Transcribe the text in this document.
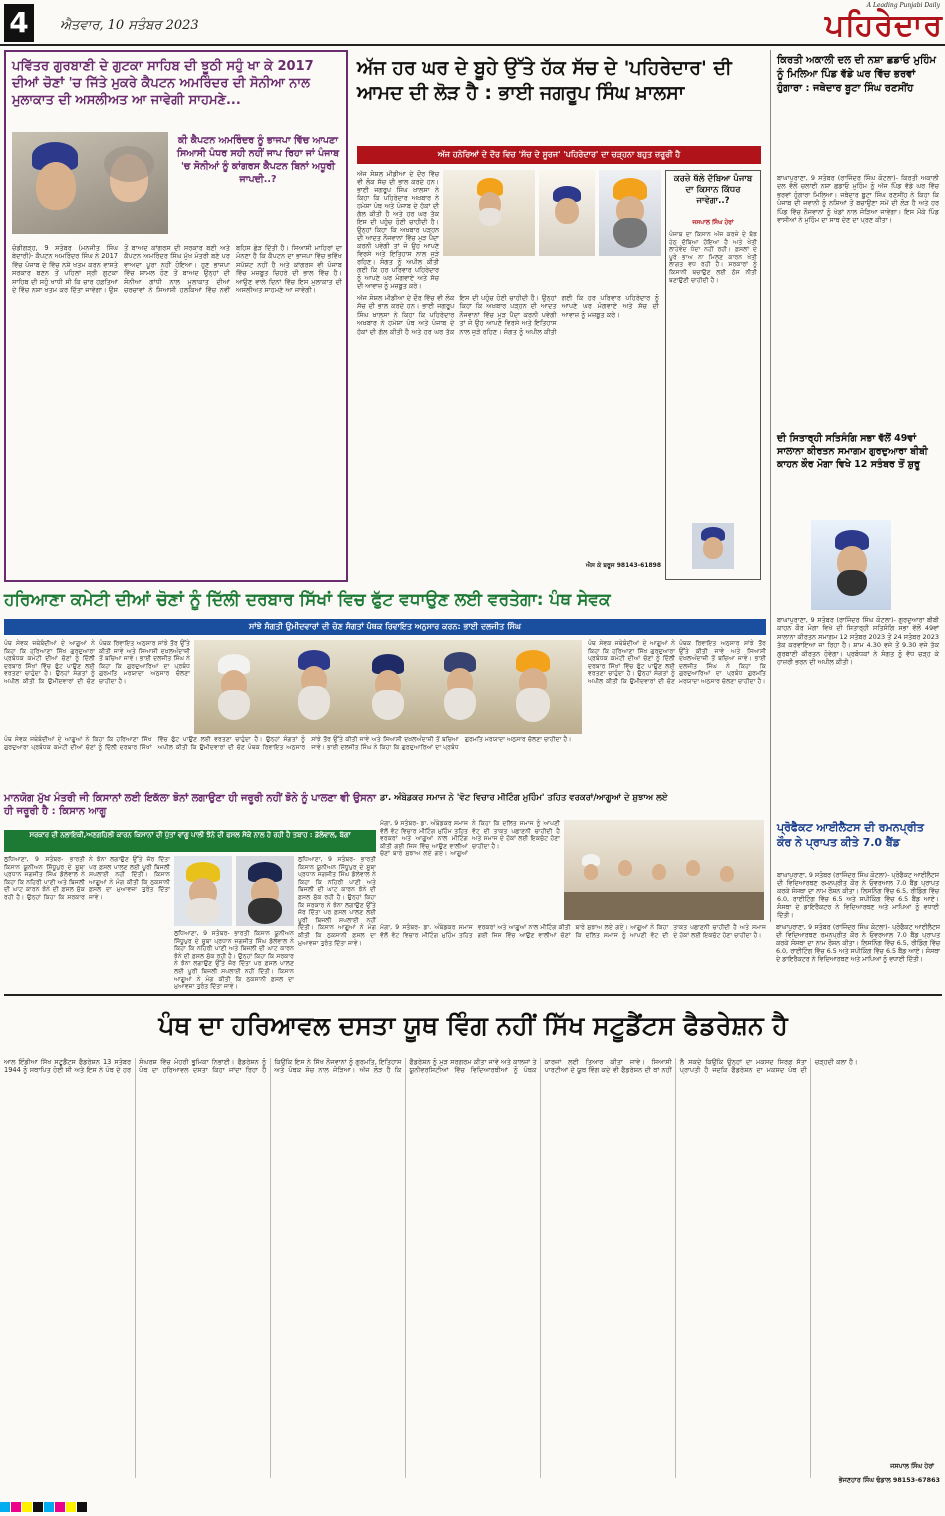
4	ਐਤਵਾਰ, 10 ਸਤੰਬਰ 2023
A Leading Punjabi Daily
ਪਹਿਰੇਦਾਰ
ਪਵਿੱਤਰ ਗੁਰਬਾਣੀ ਦੇ ਗੁਟਕਾ ਸਾਹਿਬ ਦੀ ਝੂਠੀ ਸਹੁੰ ਖਾ ਕੇ 2017 ਦੀਆਂ ਚੋਣਾਂ 'ਚ ਜਿੱਤੇ ਮੁਕਰੇ ਕੈਪਟਨ ਅਮਰਿੰਦਰ ਦੀ ਸੋਨੀਆ ਨਾਲ ਮੁਲਾਕਾਤ ਦੀ ਅਸਲੀਅਤ ਆ ਜਾਵੇਗੀ ਸਾਹਮਣੇ...
ਕੀ ਕੈਪਟਨ ਅਮਰਿੰਦਰ ਨੂੰ ਭਾਜਪਾ ਵਿੱਚ ਆਪਣਾ ਸਿਆਸੀ ਪੰਧਰ ਸਹੀ ਨਹੀਂ ਜਾਪ ਰਿਹਾ ਜਾਂ ਪੰਜਾਬ 'ਚ ਸੋਨੀਆਂ ਨੂੰ ਕਾਂਗਰਸ ਕੈਪਟਨ ਬਿਨਾਂ ਅਧੂਰੀ ਜਾਪਦੀ..?
ਚੰਡੀਗੜ੍ਹ, 9 ਸਤੰਬਰ (ਮਨਜੀਤ ਸਿੰਘ ਬੇਦਾਰੀ)- ਕੈਪਟਨ ਅਮਰਿੰਦਰ ਸਿੰਘ ਨੇ 2017 ਵਿੱਚ ਪੰਜਾਬ ਦੇ ਵਿੱਚ ਨਸ਼ੇ ਖਤਮ ਕਰਨ ਵਾਸਤੇ ਸਰਕਾਰ ਬਣਨ ਤੋਂ ਪਹਿਲਾਂ ਸ੍ਰੀ ਗੁਟਕਾ ਸਾਹਿਬ ਦੀ ਸਹੁੰ ਖਾਧੀ ਸੀ ਕਿ ਚਾਰ ਹਫ਼ਤਿਆਂ ਦੇ ਵਿੱਚ ਨਸ਼ਾ ਖਤਮ ਕਰ ਦਿੱਤਾ ਜਾਵੇਗਾ। ਉਸ ਤੋਂ ਬਾਅਦ ਕਾਂਗਰਸ ਦੀ ਸਰਕਾਰ ਬਣੀ ਅਤੇ ਕੈਪਟਨ ਅਮਰਿੰਦਰ ਸਿੰਘ ਮੁੱਖ ਮੰਤਰੀ ਬਣੇ ਪਰ ਵਾਅਦਾ ਪੂਰਾ ਨਹੀਂ ਹੋਇਆ। ਹੁਣ ਭਾਜਪਾ ਵਿੱਚ ਸ਼ਾਮਲ ਹੋਣ ਤੋਂ ਬਾਅਦ ਉਨ੍ਹਾਂ ਦੀ ਸੋਨੀਆ ਗਾਂਧੀ ਨਾਲ ਮੁਲਾਕਾਤ ਦੀਆਂ ਚਰਚਾਵਾਂ ਨੇ ਸਿਆਸੀ ਹਲਕਿਆਂ ਵਿੱਚ ਨਵੀਂ ਬਹਿਸ ਛੇੜ ਦਿੱਤੀ ਹੈ। ਸਿਆਸੀ ਮਾਹਿਰਾਂ ਦਾ ਮੰਨਣਾ ਹੈ ਕਿ ਕੈਪਟਨ ਦਾ ਭਾਜਪਾ ਵਿੱਚ ਭਵਿੱਖ ਸਪੱਸ਼ਟ ਨਹੀਂ ਹੈ ਅਤੇ ਕਾਂਗਰਸ ਵੀ ਪੰਜਾਬ ਵਿੱਚ ਮਜ਼ਬੂਤ ਚਿਹਰੇ ਦੀ ਭਾਲ ਵਿੱਚ ਹੈ। ਆਉਣ ਵਾਲੇ ਦਿਨਾਂ ਵਿੱਚ ਇਸ ਮੁਲਾਕਾਤ ਦੀ ਅਸਲੀਅਤ ਸਾਹਮਣੇ ਆ ਜਾਵੇਗੀ।
ਅੱਜ ਹਰ ਘਰ ਦੇ ਬੂਹੇ ਉੱਤੇ ਹੱਕ ਸੱਚ ਦੇ 'ਪਹਿਰੇਦਾਰ' ਦੀ ਆਮਦ ਦੀ ਲੋੜ ਹੈ : ਭਾਈ ਜਗਰੂਪ ਸਿੰਘ ਖ਼ਾਲਸਾ
ਅੱਜ ਹਨੇਰਿਆਂ ਦੇ ਦੌਰ ਵਿਚ 'ਸੱਚ ਦੇ ਸੂਰਜ' 'ਪਹਿਰੇਦਾਰ' ਦਾ ਚੜ੍ਹਨਾ ਬਹੁਤ ਜ਼ਰੂਰੀ ਹੈ
ਅੱਜ ਸੋਸ਼ਲ ਮੀਡੀਆ ਦੇ ਦੌਰ ਵਿੱਚ ਵੀ ਲੋਕ ਸੱਚ ਦੀ ਭਾਲ ਕਰਦੇ ਹਨ। ਭਾਈ ਜਗਰੂਪ ਸਿੰਘ ਖ਼ਾਲਸਾ ਨੇ ਕਿਹਾ ਕਿ ਪਹਿਰੇਦਾਰ ਅਖ਼ਬਾਰ ਨੇ ਹਮੇਸ਼ਾ ਪੰਥ ਅਤੇ ਪੰਜਾਬ ਦੇ ਹੱਕਾਂ ਦੀ ਗੱਲ ਕੀਤੀ ਹੈ ਅਤੇ ਹਰ ਘਰ ਤੱਕ ਇਸ ਦੀ ਪਹੁੰਚ ਹੋਣੀ ਚਾਹੀਦੀ ਹੈ। ਉਨ੍ਹਾਂ ਕਿਹਾ ਕਿ ਅਖ਼ਬਾਰ ਪੜ੍ਹਨ ਦੀ ਆਦਤ ਨੌਜਵਾਨਾਂ ਵਿੱਚ ਮੁੜ ਪੈਦਾ ਕਰਨੀ ਪਵੇਗੀ ਤਾਂ ਜੋ ਉਹ ਆਪਣੇ ਵਿਰਸੇ ਅਤੇ ਇਤਿਹਾਸ ਨਾਲ ਜੁੜੇ ਰਹਿਣ। ਸੰਗਤ ਨੂੰ ਅਪੀਲ ਕੀਤੀ ਗਈ ਕਿ ਹਰ ਪਰਿਵਾਰ ਪਹਿਰੇਦਾਰ ਨੂੰ ਆਪਣੇ ਘਰ ਮੰਗਵਾਏ ਅਤੇ ਸੱਚ ਦੀ ਆਵਾਜ਼ ਨੂੰ ਮਜ਼ਬੂਤ ਕਰੇ।
ਕਰਜ਼ੇ ਥੱਲੇ ਦੱਬਿਆ ਪੰਜਾਬ ਦਾ ਕਿਸਾਨ ਕਿੱਧਰ ਜਾਵੇਗਾ..?
ਜਸਪਾਲ ਸਿੰਘ ਹੇਰਾਂ
ਪੰਜਾਬ ਦਾ ਕਿਸਾਨ ਅੱਜ ਕਰਜ਼ੇ ਦੇ ਬੋਝ ਹੇਠ ਦੱਬਿਆ ਹੋਇਆ ਹੈ ਅਤੇ ਖੇਤੀ ਲਾਹੇਵੰਦ ਧੰਦਾ ਨਹੀਂ ਰਹੀ। ਫ਼ਸਲਾਂ ਦੇ ਪੂਰੇ ਭਾਅ ਨਾ ਮਿਲਣ ਕਾਰਨ ਖੇਤੀ ਲਾਗਤ ਵਧ ਰਹੀ ਹੈ। ਸਰਕਾਰਾਂ ਨੂੰ ਕਿਸਾਨੀ ਬਚਾਉਣ ਲਈ ਠੋਸ ਨੀਤੀ ਬਣਾਉਣੀ ਚਾਹੀਦੀ ਹੈ।
ਅੱਜ ਸੋਸ਼ਲ ਮੀਡੀਆ ਦੇ ਦੌਰ ਵਿੱਚ ਵੀ ਲੋਕ ਸੱਚ ਦੀ ਭਾਲ ਕਰਦੇ ਹਨ। ਭਾਈ ਜਗਰੂਪ ਸਿੰਘ ਖ਼ਾਲਸਾ ਨੇ ਕਿਹਾ ਕਿ ਪਹਿਰੇਦਾਰ ਅਖ਼ਬਾਰ ਨੇ ਹਮੇਸ਼ਾ ਪੰਥ ਅਤੇ ਪੰਜਾਬ ਦੇ ਹੱਕਾਂ ਦੀ ਗੱਲ ਕੀਤੀ ਹੈ ਅਤੇ ਹਰ ਘਰ ਤੱਕ ਇਸ ਦੀ ਪਹੁੰਚ ਹੋਣੀ ਚਾਹੀਦੀ ਹੈ। ਉਨ੍ਹਾਂ ਕਿਹਾ ਕਿ ਅਖ਼ਬਾਰ ਪੜ੍ਹਨ ਦੀ ਆਦਤ ਨੌਜਵਾਨਾਂ ਵਿੱਚ ਮੁੜ ਪੈਦਾ ਕਰਨੀ ਪਵੇਗੀ ਤਾਂ ਜੋ ਉਹ ਆਪਣੇ ਵਿਰਸੇ ਅਤੇ ਇਤਿਹਾਸ ਨਾਲ ਜੁੜੇ ਰਹਿਣ। ਸੰਗਤ ਨੂੰ ਅਪੀਲ ਕੀਤੀ ਗਈ ਕਿ ਹਰ ਪਰਿਵਾਰ ਪਹਿਰੇਦਾਰ ਨੂੰ ਆਪਣੇ ਘਰ ਮੰਗਵਾਏ ਅਤੇ ਸੱਚ ਦੀ ਆਵਾਜ਼ ਨੂੰ ਮਜ਼ਬੂਤ ਕਰੇ।
ਐਸ ਕੇ ਬਰੂਜ 98143-61898
ਕਿਰਤੀ ਅਕਾਲੀ ਦਲ ਦੀ ਨਸ਼ਾ ਛਡਾਓ ਮੁਹਿੰਮ ਨੂੰ ਮਿਲਿਆ ਪਿੰਡ ਵੱਡੇ ਘਰ ਵਿੱਚ ਭਰਵਾਂ ਹੁੰਗਾਰਾ : ਜਥੇਦਾਰ ਬੂਟਾ ਸਿੰਘ ਰਣਸੀਂਹ
ਬਾਘਾਪੁਰਾਣਾ, 9 ਸਤੰਬਰ (ਰਾਜਿੰਦਰ ਸਿੰਘ ਕੋਟਲਾ)- ਕਿਰਤੀ ਅਕਾਲੀ ਦਲ ਵੱਲੋਂ ਚਲਾਈ ਨਸ਼ਾ ਛਡਾਓ ਮੁਹਿੰਮ ਨੂੰ ਅੱਜ ਪਿੰਡ ਵੱਡੇ ਘਰ ਵਿੱਚ ਭਰਵਾਂ ਹੁੰਗਾਰਾ ਮਿਲਿਆ। ਜਥੇਦਾਰ ਬੂਟਾ ਸਿੰਘ ਰਣਸੀਂਹ ਨੇ ਕਿਹਾ ਕਿ ਪੰਜਾਬ ਦੀ ਜਵਾਨੀ ਨੂੰ ਨਸ਼ਿਆਂ ਤੋਂ ਬਚਾਉਣਾ ਸਮੇਂ ਦੀ ਲੋੜ ਹੈ ਅਤੇ ਹਰ ਪਿੰਡ ਵਿੱਚ ਨੌਜਵਾਨਾਂ ਨੂੰ ਖੇਡਾਂ ਨਾਲ ਜੋੜਿਆ ਜਾਵੇਗਾ। ਇਸ ਮੌਕੇ ਪਿੰਡ ਵਾਸੀਆਂ ਨੇ ਮੁਹਿੰਮ ਦਾ ਸਾਥ ਦੇਣ ਦਾ ਪ੍ਰਣ ਕੀਤਾ।
ਦੀ ਸਿਤਾਰ੍ਹੀ ਸਤਿਸੰਗਿ ਸਭਾ ਵੱਲੋਂ 49ਵਾਂ ਸਾਲਾਨਾ ਕੀਰਤਨ ਸਮਾਗਮ ਗੁਰਦੁਆਰਾ ਬੀਬੀ ਕਾਹਨ ਕੌਰ ਮੋਗਾ ਵਿਖੇ 12 ਸਤੰਬਰ ਤੋਂ ਸ਼ੁਰੂ
ਬਾਘਾਪੁਰਾਣਾ, 9 ਸਤੰਬਰ (ਰਾਜਿੰਦਰ ਸਿੰਘ ਕੋਟਲਾ)- ਗੁਰਦੁਆਰਾ ਬੀਬੀ ਕਾਹਨ ਕੌਰ ਮੋਗਾ ਵਿਖੇ ਦੀ ਸਿਤਾਰ੍ਹੀ ਸਤਿਸੰਗਿ ਸਭਾ ਵੱਲੋਂ 49ਵਾਂ ਸਾਲਾਨਾ ਕੀਰਤਨ ਸਮਾਗਮ 12 ਸਤੰਬਰ 2023 ਤੋਂ 24 ਸਤੰਬਰ 2023 ਤੱਕ ਕਰਵਾਇਆ ਜਾ ਰਿਹਾ ਹੈ। ਸ਼ਾਮ 4.30 ਵਜੇ ਤੋਂ 9.30 ਵਜੇ ਤੱਕ ਗੁਰਬਾਣੀ ਕੀਰਤਨ ਹੋਵੇਗਾ। ਪ੍ਰਬੰਧਕਾਂ ਨੇ ਸੰਗਤ ਨੂੰ ਵੱਧ ਚੜ੍ਹ ਕੇ ਹਾਜ਼ਰੀ ਭਰਨ ਦੀ ਅਪੀਲ ਕੀਤੀ।
ਪ੍ਰੋਫੈਕਟ ਆਈਲੈਟਸ ਦੀ ਰਮਨਪ੍ਰੀਤ ਕੌਰ ਨੇ ਪ੍ਰਾਪਤ ਕੀਤੇ 7.0 ਬੈਂਡ
ਬਾਘਾਪੁਰਾਣਾ, 9 ਸਤੰਬਰ (ਰਾਜਿੰਦਰ ਸਿੰਘ ਕੋਟਲਾ)- ਪ੍ਰੋਫੈਕਟ ਆਈਲੈਟਸ ਦੀ ਵਿਦਿਆਰਥਣ ਰਮਨਪ੍ਰੀਤ ਕੌਰ ਨੇ ਓਵਰਆਲ 7.0 ਬੈਂਡ ਪ੍ਰਾਪਤ ਕਰਕੇ ਸੰਸਥਾ ਦਾ ਨਾਮ ਰੌਸ਼ਨ ਕੀਤਾ। ਲਿਸਨਿੰਗ ਵਿੱਚ 6.5, ਰੀਡਿੰਗ ਵਿੱਚ 6.0, ਰਾਈਟਿੰਗ ਵਿੱਚ 6.5 ਅਤੇ ਸਪੀਕਿੰਗ ਵਿੱਚ 6.5 ਬੈਂਡ ਆਏ। ਸੰਸਥਾ ਦੇ ਡਾਇਰੈਕਟਰ ਨੇ ਵਿਦਿਆਰਥਣ ਅਤੇ ਮਾਪਿਆਂ ਨੂੰ ਵਧਾਈ ਦਿੱਤੀ।
ਹਰਿਆਣਾ ਕਮੇਟੀ ਦੀਆਂ ਚੋਣਾਂ ਨੂੰ ਦਿੱਲੀ ਦਰਬਾਰ ਸਿੱਖਾਂ ਵਿਚ ਫੁੱਟ ਵਧਾਉਣ ਲਈ ਵਰਤੇਗਾ: ਪੰਥ ਸੇਵਕ
ਸਾਂਝੇ ਸੰਗਤੀ ਉਮੀਦਵਾਰਾਂ ਦੀ ਚੋਣ ਸੰਗਤਾਂ ਪੰਥਕ ਰਿਵਾਇਤ ਅਨੁਸਾਰ ਕਰਨ: ਭਾਈ ਦਲਜੀਤ ਸਿੰਘ
ਪੰਥ ਸੇਵਕ ਜਥੇਬੰਦੀਆਂ ਦੇ ਆਗੂਆਂ ਨੇ ਕਿਹਾ ਕਿ ਹਰਿਆਣਾ ਸਿੱਖ ਗੁਰਦੁਆਰਾ ਪ੍ਰਬੰਧਕ ਕਮੇਟੀ ਦੀਆਂ ਚੋਣਾਂ ਨੂੰ ਦਿੱਲੀ ਦਰਬਾਰ ਸਿੱਖਾਂ ਵਿੱਚ ਫੁੱਟ ਪਾਉਣ ਲਈ ਵਰਤਣਾ ਚਾਹੁੰਦਾ ਹੈ। ਉਨ੍ਹਾਂ ਸੰਗਤਾਂ ਨੂੰ ਅਪੀਲ ਕੀਤੀ ਕਿ ਉਮੀਦਵਾਰਾਂ ਦੀ ਚੋਣ ਪੰਥਕ ਰਿਵਾਇਤ ਅਨੁਸਾਰ ਸਾਂਝੇ ਤੌਰ ਉੱਤੇ ਕੀਤੀ ਜਾਵੇ ਅਤੇ ਸਿਆਸੀ ਦਖ਼ਲਅੰਦਾਜ਼ੀ ਤੋਂ ਬਚਿਆ ਜਾਵੇ। ਭਾਈ ਦਲਜੀਤ ਸਿੰਘ ਨੇ ਕਿਹਾ ਕਿ ਗੁਰਦੁਆਰਿਆਂ ਦਾ ਪ੍ਰਬੰਧ ਗੁਰਮਤਿ ਮਰਯਾਦਾ ਅਨੁਸਾਰ ਚੱਲਣਾ ਚਾਹੀਦਾ ਹੈ।
ਪੰਥ ਸੇਵਕ ਜਥੇਬੰਦੀਆਂ ਦੇ ਆਗੂਆਂ ਨੇ ਕਿਹਾ ਕਿ ਹਰਿਆਣਾ ਸਿੱਖ ਗੁਰਦੁਆਰਾ ਪ੍ਰਬੰਧਕ ਕਮੇਟੀ ਦੀਆਂ ਚੋਣਾਂ ਨੂੰ ਦਿੱਲੀ ਦਰਬਾਰ ਸਿੱਖਾਂ ਵਿੱਚ ਫੁੱਟ ਪਾਉਣ ਲਈ ਵਰਤਣਾ ਚਾਹੁੰਦਾ ਹੈ। ਉਨ੍ਹਾਂ ਸੰਗਤਾਂ ਨੂੰ ਅਪੀਲ ਕੀਤੀ ਕਿ ਉਮੀਦਵਾਰਾਂ ਦੀ ਚੋਣ ਪੰਥਕ ਰਿਵਾਇਤ ਅਨੁਸਾਰ ਸਾਂਝੇ ਤੌਰ ਉੱਤੇ ਕੀਤੀ ਜਾਵੇ ਅਤੇ ਸਿਆਸੀ ਦਖ਼ਲਅੰਦਾਜ਼ੀ ਤੋਂ ਬਚਿਆ ਜਾਵੇ। ਭਾਈ ਦਲਜੀਤ ਸਿੰਘ ਨੇ ਕਿਹਾ ਕਿ ਗੁਰਦੁਆਰਿਆਂ ਦਾ ਪ੍ਰਬੰਧ ਗੁਰਮਤਿ ਮਰਯਾਦਾ ਅਨੁਸਾਰ ਚੱਲਣਾ ਚਾਹੀਦਾ ਹੈ।
ਪੰਥ ਸੇਵਕ ਜਥੇਬੰਦੀਆਂ ਦੇ ਆਗੂਆਂ ਨੇ ਕਿਹਾ ਕਿ ਹਰਿਆਣਾ ਸਿੱਖ ਗੁਰਦੁਆਰਾ ਪ੍ਰਬੰਧਕ ਕਮੇਟੀ ਦੀਆਂ ਚੋਣਾਂ ਨੂੰ ਦਿੱਲੀ ਦਰਬਾਰ ਸਿੱਖਾਂ ਵਿੱਚ ਫੁੱਟ ਪਾਉਣ ਲਈ ਵਰਤਣਾ ਚਾਹੁੰਦਾ ਹੈ। ਉਨ੍ਹਾਂ ਸੰਗਤਾਂ ਨੂੰ ਅਪੀਲ ਕੀਤੀ ਕਿ ਉਮੀਦਵਾਰਾਂ ਦੀ ਚੋਣ ਪੰਥਕ ਰਿਵਾਇਤ ਅਨੁਸਾਰ ਸਾਂਝੇ ਤੌਰ ਉੱਤੇ ਕੀਤੀ ਜਾਵੇ ਅਤੇ ਸਿਆਸੀ ਦਖ਼ਲਅੰਦਾਜ਼ੀ ਤੋਂ ਬਚਿਆ ਜਾਵੇ। ਭਾਈ ਦਲਜੀਤ ਸਿੰਘ ਨੇ ਕਿਹਾ ਕਿ ਗੁਰਦੁਆਰਿਆਂ ਦਾ ਪ੍ਰਬੰਧ ਗੁਰਮਤਿ ਮਰਯਾਦਾ ਅਨੁਸਾਰ ਚੱਲਣਾ ਚਾਹੀਦਾ ਹੈ।
ਮਾਨਯੋਗ ਮੁੱਖ ਮੰਤਰੀ ਜੀ ਕਿਸਾਨਾਂ ਲਈ ਇਕੱਲਾ ਝੋਨਾਂ ਲਗਾਉਣਾ ਹੀ ਜਰੂਰੀ ਨਹੀਂ ਝੋਨੇ ਨੂੰ ਪਾਲਣਾ ਵੀ ਉਸਨਾ ਹੀ ਜਰੂਰੀ ਹੈ : ਕਿਸਾਨ ਆਗੂ
ਸਰਕਾਰ ਦੀ ਨਲਾਇਕੀ,ਅਣਗਹਿਲੀ ਕਾਰਨ ਕਿਸਾਨਾਂ ਦੀ ਪੁੱਤਾਂ ਵਾਂਗੂ ਪਾਲੀ ਝੋਨੇ ਦੀ ਫਸਲ ਸੋਕੇ ਨਾਲ ਹੋ ਰਹੀ ਹੈ ਤਬਾਹ : ਡੱਲੇਵਾਲ, ਬੱਗਾ
ਲੁਧਿਆਣਾ, 9 ਸਤੰਬਰ- ਭਾਰਤੀ ਕਿਸਾਨ ਯੂਨੀਅਨ ਸਿੱਧੂਪੁਰ ਦੇ ਸੂਬਾ ਪ੍ਰਧਾਨ ਜਗਜੀਤ ਸਿੰਘ ਡੱਲੇਵਾਲ ਨੇ ਕਿਹਾ ਕਿ ਨਹਿਰੀ ਪਾਣੀ ਅਤੇ ਬਿਜਲੀ ਦੀ ਘਾਟ ਕਾਰਨ ਝੋਨੇ ਦੀ ਫ਼ਸਲ ਸੁੱਕ ਰਹੀ ਹੈ। ਉਨ੍ਹਾਂ ਕਿਹਾ ਕਿ ਸਰਕਾਰ ਨੇ ਝੋਨਾ ਲਗਾਉਣ ਉੱਤੇ ਜ਼ੋਰ ਦਿੱਤਾ ਪਰ ਫ਼ਸਲ ਪਾਲਣ ਲਈ ਪੂਰੀ ਬਿਜਲੀ ਸਪਲਾਈ ਨਹੀਂ ਦਿੱਤੀ। ਕਿਸਾਨ ਆਗੂਆਂ ਨੇ ਮੰਗ ਕੀਤੀ ਕਿ ਨੁਕਸਾਨੀ ਫ਼ਸਲ ਦਾ ਮੁਆਵਜ਼ਾ ਤੁਰੰਤ ਦਿੱਤਾ ਜਾਵੇ।
ਲੁਧਿਆਣਾ, 9 ਸਤੰਬਰ- ਭਾਰਤੀ ਕਿਸਾਨ ਯੂਨੀਅਨ ਸਿੱਧੂਪੁਰ ਦੇ ਸੂਬਾ ਪ੍ਰਧਾਨ ਜਗਜੀਤ ਸਿੰਘ ਡੱਲੇਵਾਲ ਨੇ ਕਿਹਾ ਕਿ ਨਹਿਰੀ ਪਾਣੀ ਅਤੇ ਬਿਜਲੀ ਦੀ ਘਾਟ ਕਾਰਨ ਝੋਨੇ ਦੀ ਫ਼ਸਲ ਸੁੱਕ ਰਹੀ ਹੈ। ਉਨ੍ਹਾਂ ਕਿਹਾ ਕਿ ਸਰਕਾਰ ਨੇ ਝੋਨਾ ਲਗਾਉਣ ਉੱਤੇ ਜ਼ੋਰ ਦਿੱਤਾ ਪਰ ਫ਼ਸਲ ਪਾਲਣ ਲਈ ਪੂਰੀ ਬਿਜਲੀ ਸਪਲਾਈ ਨਹੀਂ ਦਿੱਤੀ। ਕਿਸਾਨ ਆਗੂਆਂ ਨੇ ਮੰਗ ਕੀਤੀ ਕਿ ਨੁਕਸਾਨੀ ਫ਼ਸਲ ਦਾ ਮੁਆਵਜ਼ਾ ਤੁਰੰਤ ਦਿੱਤਾ ਜਾਵੇ।
ਲੁਧਿਆਣਾ, 9 ਸਤੰਬਰ- ਭਾਰਤੀ ਕਿਸਾਨ ਯੂਨੀਅਨ ਸਿੱਧੂਪੁਰ ਦੇ ਸੂਬਾ ਪ੍ਰਧਾਨ ਜਗਜੀਤ ਸਿੰਘ ਡੱਲੇਵਾਲ ਨੇ ਕਿਹਾ ਕਿ ਨਹਿਰੀ ਪਾਣੀ ਅਤੇ ਬਿਜਲੀ ਦੀ ਘਾਟ ਕਾਰਨ ਝੋਨੇ ਦੀ ਫ਼ਸਲ ਸੁੱਕ ਰਹੀ ਹੈ। ਉਨ੍ਹਾਂ ਕਿਹਾ ਕਿ ਸਰਕਾਰ ਨੇ ਝੋਨਾ ਲਗਾਉਣ ਉੱਤੇ ਜ਼ੋਰ ਦਿੱਤਾ ਪਰ ਫ਼ਸਲ ਪਾਲਣ ਲਈ ਪੂਰੀ ਬਿਜਲੀ ਸਪਲਾਈ ਨਹੀਂ ਦਿੱਤੀ। ਕਿਸਾਨ ਆਗੂਆਂ ਨੇ ਮੰਗ ਕੀਤੀ ਕਿ ਨੁਕਸਾਨੀ ਫ਼ਸਲ ਦਾ ਮੁਆਵਜ਼ਾ ਤੁਰੰਤ ਦਿੱਤਾ ਜਾਵੇ।
ਡਾ. ਅੰਬੇਡਕਰ ਸਮਾਜ ਨੇ 'ਵੋਟ ਵਿਚਾਰ ਮੀਟਿੰਗ ਮੁਹਿੰਮ' ਤਹਿਤ ਵਰਕਰਾਂ/ਆਗੂਆਂ ਦੇ ਸ਼ੁਝਾਅ ਲਏ
ਮੋਗਾ, 9 ਸਤੰਬਰ- ਡਾ. ਅੰਬੇਡਕਰ ਸਮਾਜ ਵੱਲੋਂ ਵੋਟ ਵਿਚਾਰ ਮੀਟਿੰਗ ਮੁਹਿੰਮ ਤਹਿਤ ਵਰਕਰਾਂ ਅਤੇ ਆਗੂਆਂ ਨਾਲ ਮੀਟਿੰਗ ਕੀਤੀ ਗਈ ਜਿਸ ਵਿੱਚ ਆਉਣ ਵਾਲੀਆਂ ਚੋਣਾਂ ਬਾਰੇ ਸੁਝਾਅ ਲਏ ਗਏ। ਆਗੂਆਂ ਨੇ ਕਿਹਾ ਕਿ ਦਲਿਤ ਸਮਾਜ ਨੂੰ ਆਪਣੀ ਵੋਟ ਦੀ ਤਾਕਤ ਪਛਾਣਨੀ ਚਾਹੀਦੀ ਹੈ ਅਤੇ ਸਮਾਜ ਦੇ ਹੱਕਾਂ ਲਈ ਇਕਜੁੱਟ ਹੋਣਾ ਚਾਹੀਦਾ ਹੈ।
ਮੋਗਾ, 9 ਸਤੰਬਰ- ਡਾ. ਅੰਬੇਡਕਰ ਸਮਾਜ ਵੱਲੋਂ ਵੋਟ ਵਿਚਾਰ ਮੀਟਿੰਗ ਮੁਹਿੰਮ ਤਹਿਤ ਵਰਕਰਾਂ ਅਤੇ ਆਗੂਆਂ ਨਾਲ ਮੀਟਿੰਗ ਕੀਤੀ ਗਈ ਜਿਸ ਵਿੱਚ ਆਉਣ ਵਾਲੀਆਂ ਚੋਣਾਂ ਬਾਰੇ ਸੁਝਾਅ ਲਏ ਗਏ। ਆਗੂਆਂ ਨੇ ਕਿਹਾ ਕਿ ਦਲਿਤ ਸਮਾਜ ਨੂੰ ਆਪਣੀ ਵੋਟ ਦੀ ਤਾਕਤ ਪਛਾਣਨੀ ਚਾਹੀਦੀ ਹੈ ਅਤੇ ਸਮਾਜ ਦੇ ਹੱਕਾਂ ਲਈ ਇਕਜੁੱਟ ਹੋਣਾ ਚਾਹੀਦਾ ਹੈ।
ਬਾਘਾਪੁਰਾਣਾ, 9 ਸਤੰਬਰ (ਰਾਜਿੰਦਰ ਸਿੰਘ ਕੋਟਲਾ)- ਪ੍ਰੋਫੈਕਟ ਆਈਲੈਟਸ ਦੀ ਵਿਦਿਆਰਥਣ ਰਮਨਪ੍ਰੀਤ ਕੌਰ ਨੇ ਓਵਰਆਲ 7.0 ਬੈਂਡ ਪ੍ਰਾਪਤ ਕਰਕੇ ਸੰਸਥਾ ਦਾ ਨਾਮ ਰੌਸ਼ਨ ਕੀਤਾ। ਲਿਸਨਿੰਗ ਵਿੱਚ 6.5, ਰੀਡਿੰਗ ਵਿੱਚ 6.0, ਰਾਈਟਿੰਗ ਵਿੱਚ 6.5 ਅਤੇ ਸਪੀਕਿੰਗ ਵਿੱਚ 6.5 ਬੈਂਡ ਆਏ। ਸੰਸਥਾ ਦੇ ਡਾਇਰੈਕਟਰ ਨੇ ਵਿਦਿਆਰਥਣ ਅਤੇ ਮਾਪਿਆਂ ਨੂੰ ਵਧਾਈ ਦਿੱਤੀ।
ਪੰਥ ਦਾ ਹਰਿਆਵਲ ਦਸਤਾ ਯੂਥ ਵਿੰਗ ਨਹੀਂ ਸਿੱਖ ਸਟੂਡੈਂਟਸ ਫੈਡਰੇਸ਼ਨ ਹੈ
ਆਲ ਇੰਡੀਆ ਸਿੱਖ ਸਟੂਡੈਂਟਸ ਫੈਡਰੇਸ਼ਨ 13 ਸਤੰਬਰ 1944 ਨੂੰ ਸਥਾਪਿਤ ਹੋਈ ਸੀ ਅਤੇ ਇਸ ਨੇ ਪੰਥ ਦੇ ਹਰ ਸੰਘਰਸ਼ ਵਿੱਚ ਮੋਹਰੀ ਭੂਮਿਕਾ ਨਿਭਾਈ। ਫੈਡਰੇਸ਼ਨ ਨੂੰ ਪੰਥ ਦਾ ਹਰਿਆਵਲ ਦਸਤਾ ਕਿਹਾ ਜਾਂਦਾ ਰਿਹਾ ਹੈ ਕਿਉਂਕਿ ਇਸ ਨੇ ਸਿੱਖ ਨੌਜਵਾਨਾਂ ਨੂੰ ਗੁਰਮਤਿ, ਇਤਿਹਾਸ ਅਤੇ ਪੰਥਕ ਸੋਚ ਨਾਲ ਜੋੜਿਆ। ਅੱਜ ਲੋੜ ਹੈ ਕਿ ਫੈਡਰੇਸ਼ਨ ਨੂੰ ਮੁੜ ਸਰਗਰਮ ਕੀਤਾ ਜਾਵੇ ਅਤੇ ਕਾਲਜਾਂ ਤੇ ਯੂਨੀਵਰਸਿਟੀਆਂ ਵਿੱਚ ਵਿਦਿਆਰਥੀਆਂ ਨੂੰ ਪੰਥਕ ਕਾਰਜਾਂ ਲਈ ਤਿਆਰ ਕੀਤਾ ਜਾਵੇ। ਸਿਆਸੀ ਪਾਰਟੀਆਂ ਦੇ ਯੂਥ ਵਿੰਗ ਕਦੇ ਵੀ ਫੈਡਰੇਸ਼ਨ ਦੀ ਥਾਂ ਨਹੀਂ ਲੈ ਸਕਦੇ ਕਿਉਂਕਿ ਉਨ੍ਹਾਂ ਦਾ ਮਕਸਦ ਸਿਰਫ਼ ਸੱਤਾ ਪ੍ਰਾਪਤੀ ਹੈ ਜਦਕਿ ਫੈਡਰੇਸ਼ਨ ਦਾ ਮਕਸਦ ਪੰਥ ਦੀ ਚੜ੍ਹਦੀ ਕਲਾ ਹੈ।
ਜਸਪਾਲ ਸਿੰਘ ਹੇਰਾਂ
ਭੇਜਣਹਾਰ ਸਿੰਘ ਢੰਡਾਲ 98153-67863
